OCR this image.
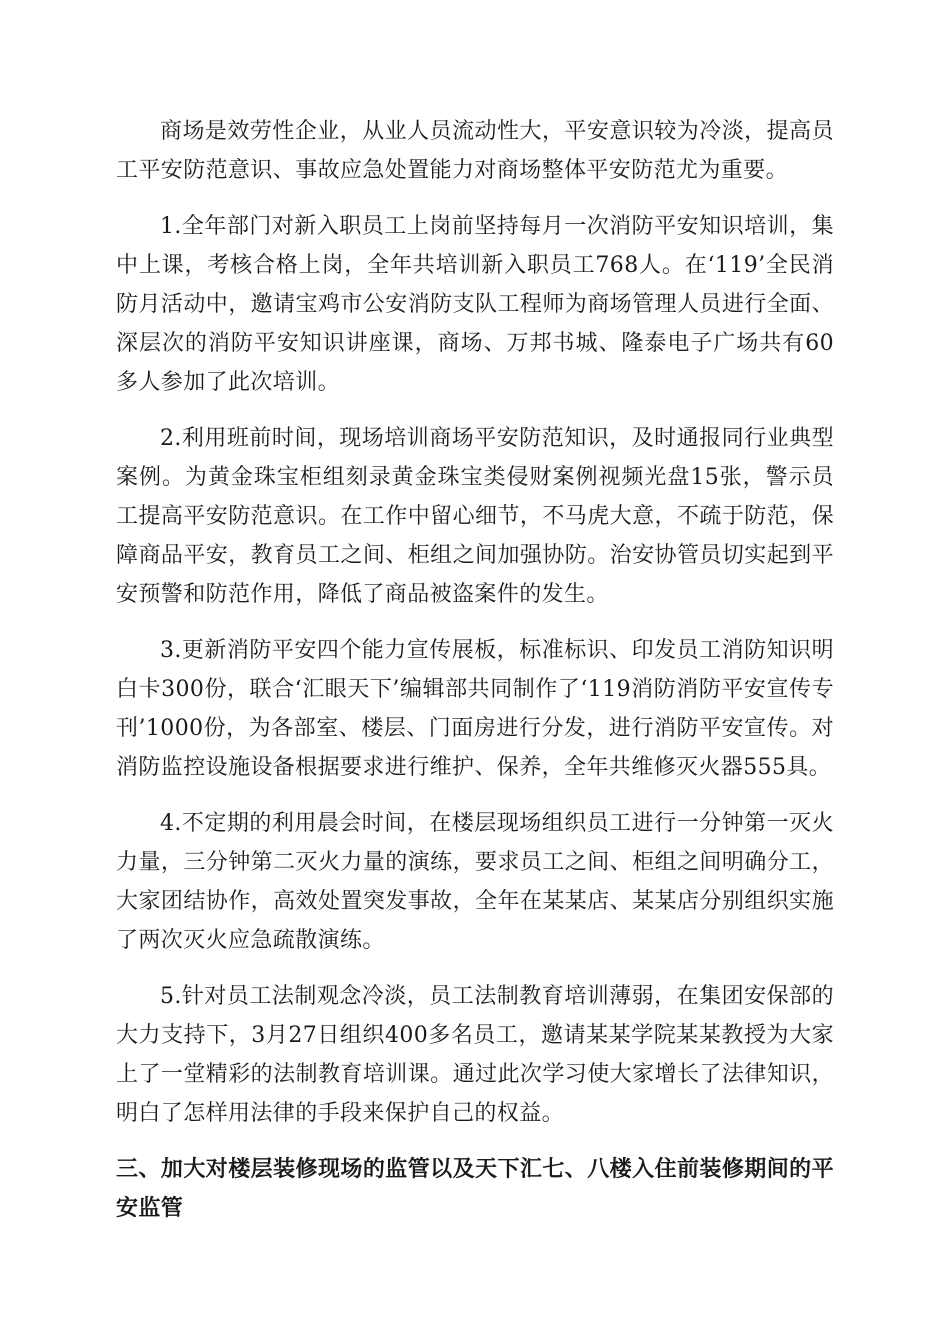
商场是效劳性企业，从业人员流动性大，平安意识较为冷淡，提高员工平安防范意识、事故应急处置能力对商场整体平安防范尤为重要。

1.全年部门对新入职员工上岗前坚持每月一次消防平安知识培训，集中上课，考核合格上岗，全年共培训新入职员工768人。在‘119’全民消防月活动中，邀请宝鸡市公安消防支队工程师为商场管理人员进行全面、深层次的消防平安知识讲座课，商场、万邦书城、隆泰电子广场共有60多人参加了此次培训。

2.利用班前时间，现场培训商场平安防范知识，及时通报同行业典型案例。为黄金珠宝柜组刻录黄金珠宝类侵财案例视频光盘15张，警示员工提高平安防范意识。在工作中留心细节，不马虎大意，不疏于防范，保障商品平安，教育员工之间、柜组之间加强协防。治安协管员切实起到平安预警和防范作用，降低了商品被盗案件的发生。

3.更新消防平安四个能力宣传展板，标准标识、印发员工消防知识明白卡300份，联合‘汇眼天下’编辑部共同制作了‘119消防消防平安宣传专刊’1000份，为各部室、楼层、门面房进行分发，进行消防平安宣传。对消防监控设施设备根据要求进行维护、保养，全年共维修灭火器555具。

4.不定期的利用晨会时间，在楼层现场组织员工进行一分钟第一灭火力量，三分钟第二灭火力量的演练，要求员工之间、柜组之间明确分工，大家团结协作，高效处置突发事故，全年在某某店、某某店分别组织实施了两次灭火应急疏散演练。

5.针对员工法制观念冷淡，员工法制教育培训薄弱，在集团安保部的大力支持下，3月27日组织400多名员工，邀请某某学院某某教授为大家上了一堂精彩的法制教育培训课。通过此次学习使大家增长了法律知识，明白了怎样用法律的手段来保护自己的权益。

三、加大对楼层装修现场的监管以及天下汇七、八楼入住前装修期间的平安监管
